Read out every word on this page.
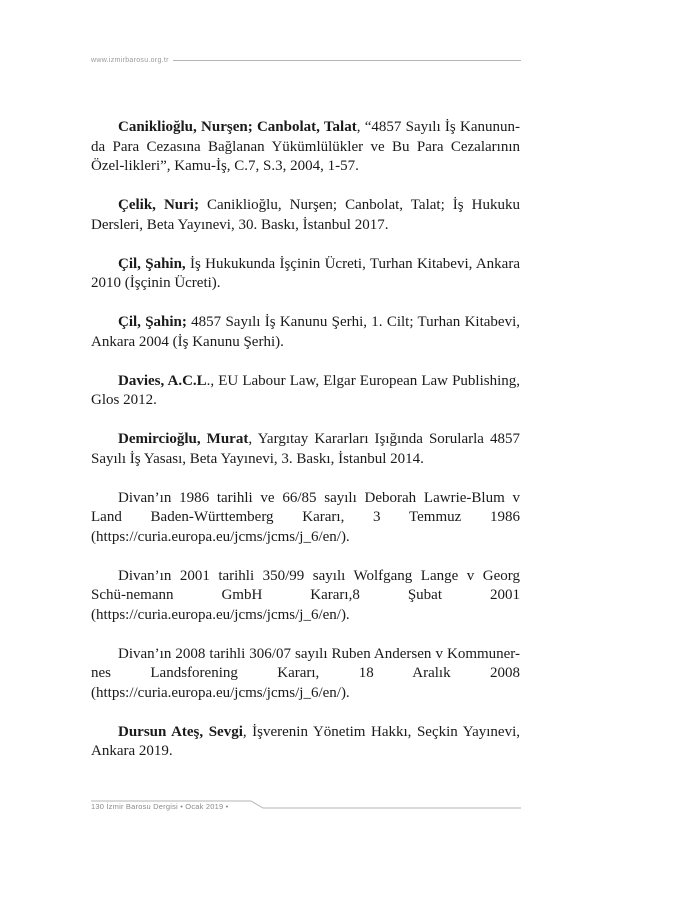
www.izmirbarosu.org.tr

Caniklioğlu, Nurşen; Canbolat, Talat, “4857 Sayılı İş Kanunun-da Para Cezasına Bağlanan Yükümlülükler ve Bu Para Cezalarının Özel-likleri”, Kamu-İş, C.7, S.3, 2004, 1-57.

Çelik, Nuri; Caniklioğlu, Nurşen; Canbolat, Talat; İş Hukuku Dersleri, Beta Yayınevi, 30. Baskı, İstanbul 2017.

Çil, Şahin, İş Hukukunda İşçinin Ücreti, Turhan Kitabevi, Ankara 2010 (İşçinin Ücreti).

Çil, Şahin; 4857 Sayılı İş Kanunu Şerhi, 1. Cilt; Turhan Kitabevi, Ankara 2004 (İş Kanunu Şerhi).

Davies, A.C.L., EU Labour Law, Elgar European Law Publishing, Glos 2012.

Demircioğlu, Murat, Yargıtay Kararları Işığında Sorularla 4857 Sayılı İş Yasası, Beta Yayınevi, 3. Baskı, İstanbul 2014.

Divan’ın 1986 tarihli ve 66/85 sayılı Deborah Lawrie-Blum v Land Baden-Württemberg Kararı, 3 Temmuz 1986 (https://curia.europa.eu/jcms/jcms/j_6/en/).

Divan’ın 2001 tarihli 350/99 sayılı Wolfgang Lange v Georg Schü-nemann GmbH Kararı,8 Şubat 2001 (https://curia.europa.eu/jcms/jcms/j_6/en/).

Divan’ın 2008 tarihli 306/07 sayılı Ruben Andersen v Kommuner-nes Landsforening Kararı, 18 Aralık 2008 (https://curia.europa.eu/jcms/jcms/j_6/en/).

Dursun Ateş, Sevgi, İşverenin Yönetim Hakkı, Seçkin Yayınevi, Ankara 2019.

130 İzmir Barosu Dergisi • Ocak 2019 •
